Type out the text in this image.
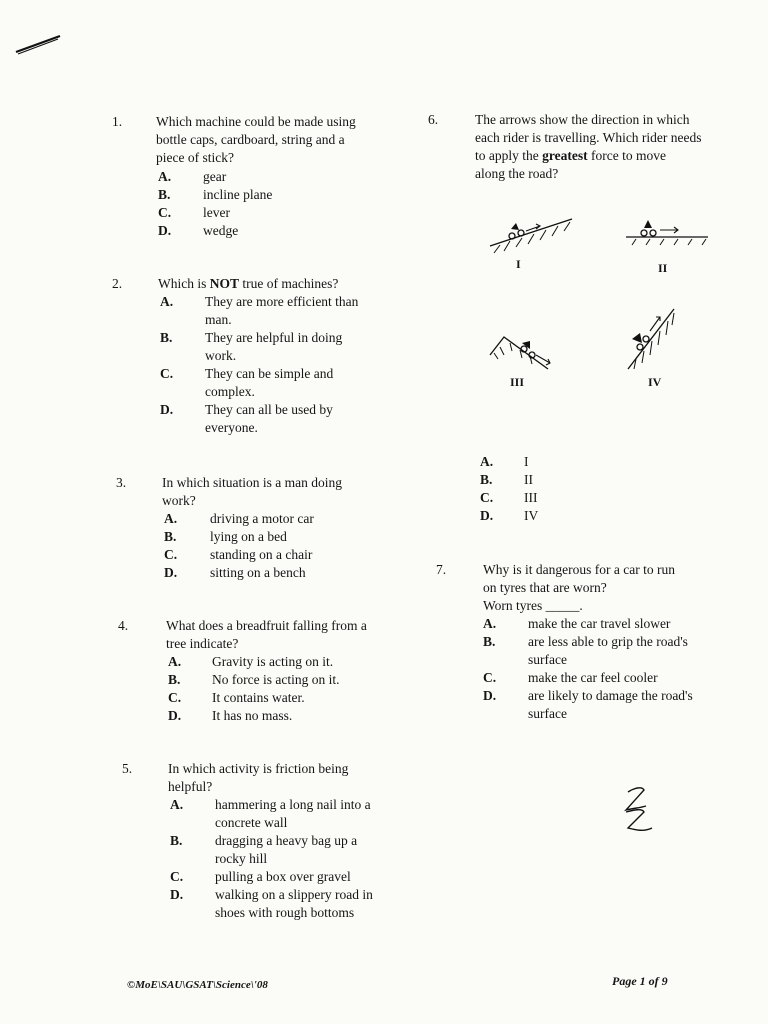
1.	Which machine could be made using
bottle caps, cardboard, string and a
piece of stick?
A. gear
B. incline plane
C. lever
D. wedge
2.	Which is NOT true of machines?
A. They are more efficient than
man.
B. They are helpful in doing
work.
C. They can be simple and
complex.
D. They can all be used by
everyone.
3.	In which situation is a man doing
work?
A. driving a motor car
B. lying on a bed
C. standing on a chair
D. sitting on a bench
4.	What does a breadfruit falling from a
tree indicate?
A. Gravity is acting on it.
B. No force is acting on it.
C. It contains water.
D. It has no mass.
5.	In which activity is friction being
helpful?
A. hammering a long nail into a
concrete wall
B. dragging a heavy bag up a
rocky hill
C. pulling a box over gravel
D. walking on a slippery road in
shoes with rough bottoms
6.	The arrows show the direction in which
each rider is travelling. Which rider needs
to apply the greatest force to move
along the road?
I	II
III	IV
A. I
B. II
C. III
D. IV
7.	Why is it dangerous for a car to run
on tyres that are worn?
Worn tyres _____.
A. make the car travel slower
B. are less able to grip the road's
surface
C. make the car feel cooler
D. are likely to damage the road's
surface
©MoE\SAU\GSAT\Science\'08	Page 1 of 9
